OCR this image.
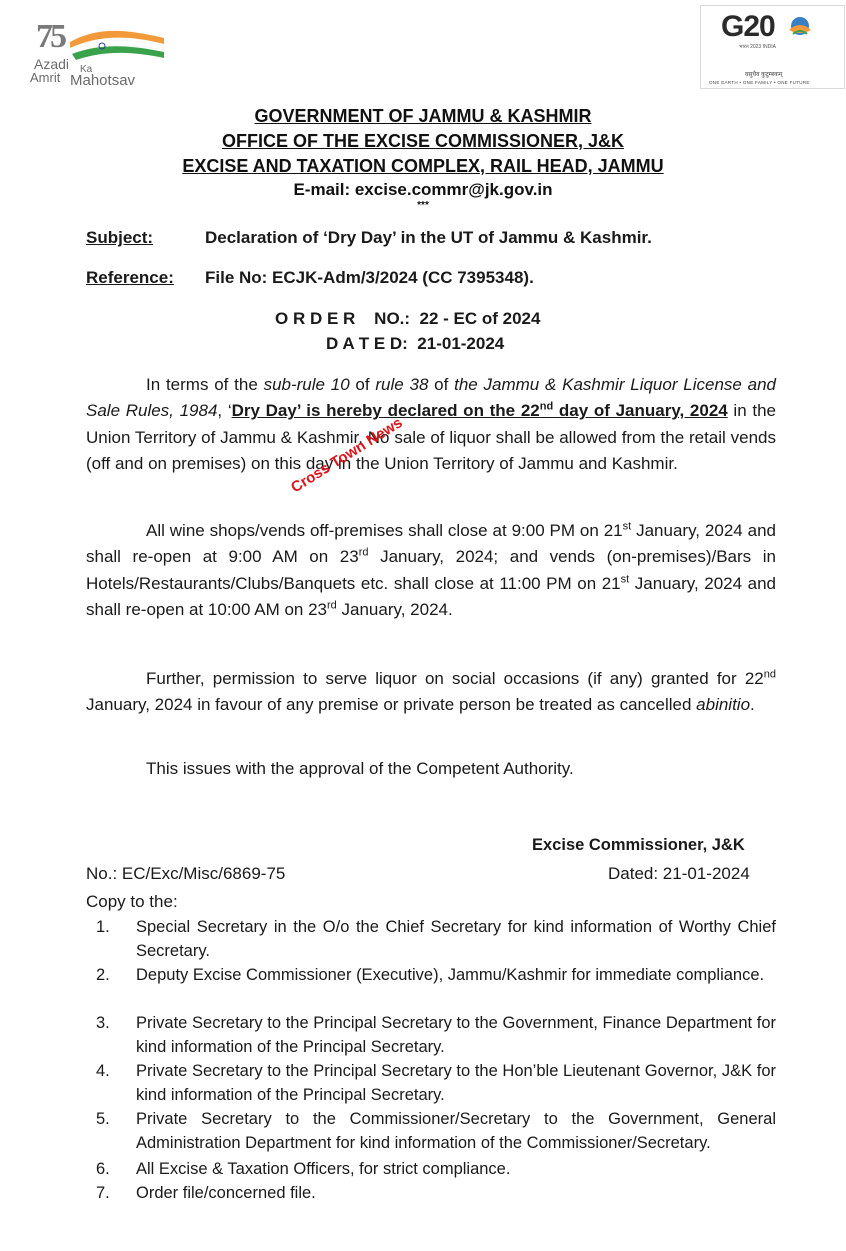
75
Azadi Ka
Amrit Mahotsav
G20
भारत 2023 INDIA
वसुधैव कुटुम्बकम्
ONE EARTH • ONE FAMILY • ONE FUTURE
GOVERNMENT OF JAMMU & KASHMIR
OFFICE OF THE EXCISE COMMISSIONER, J&K
EXCISE AND TAXATION COMPLEX, RAIL HEAD, JAMMU
E-mail: excise.commr@jk.gov.in
***
Subject:	Declaration of ‘Dry Day’ in the UT of Jammu & Kashmir.
Reference: File No: ECJK-Adm/3/2024 (CC 7395348).
O R D E R    NO.:  22 - EC of 2024
D A T E D:  21-01-2024

In terms of the sub-rule 10 of rule 38 of the Jammu & Kashmir Liquor License and Sale Rules, 1984, ‘Dry Day’ is hereby declared on the 22nd day of January, 2024 in the Union Territory of Jammu & Kashmir. No sale of liquor shall be allowed from the retail vends (off and on premises) on this day in the Union Territory of Jammu and Kashmir.

All wine shops/vends off-premises shall close at 9:00 PM on 21st January, 2024 and shall re-open at 9:00 AM on 23rd January, 2024; and vends (on-premises)/Bars in Hotels/Restaurants/Clubs/Banquets etc. shall close at 11:00 PM on 21st January, 2024 and shall re-open at 10:00 AM on 23rd January, 2024.

Further, permission to serve liquor on social occasions (if any) granted for 22nd January, 2024 in favour of any premise or private person be treated as cancelled abinitio.

This issues with the approval of the Competent Authority.
Cross Town News
Excise Commissioner, J&K
No.: EC/Exc/Misc/6869-75	Dated: 21-01-2024
Copy to the:
1. Special Secretary in the O/o the Chief Secretary for kind information of Worthy Chief Secretary.
2. Deputy Excise Commissioner (Executive), Jammu/Kashmir for immediate compliance.
3. Private Secretary to the Principal Secretary to the Government, Finance Department for kind information of the Principal Secretary.
4. Private Secretary to the Principal Secretary to the Hon’ble Lieutenant Governor, J&K for kind information of the Principal Secretary.
5. Private Secretary to the Commissioner/Secretary to the Government, General Administration Department for kind information of the Commissioner/Secretary.
6. All Excise & Taxation Officers, for strict compliance.
7. Order file/concerned file.
